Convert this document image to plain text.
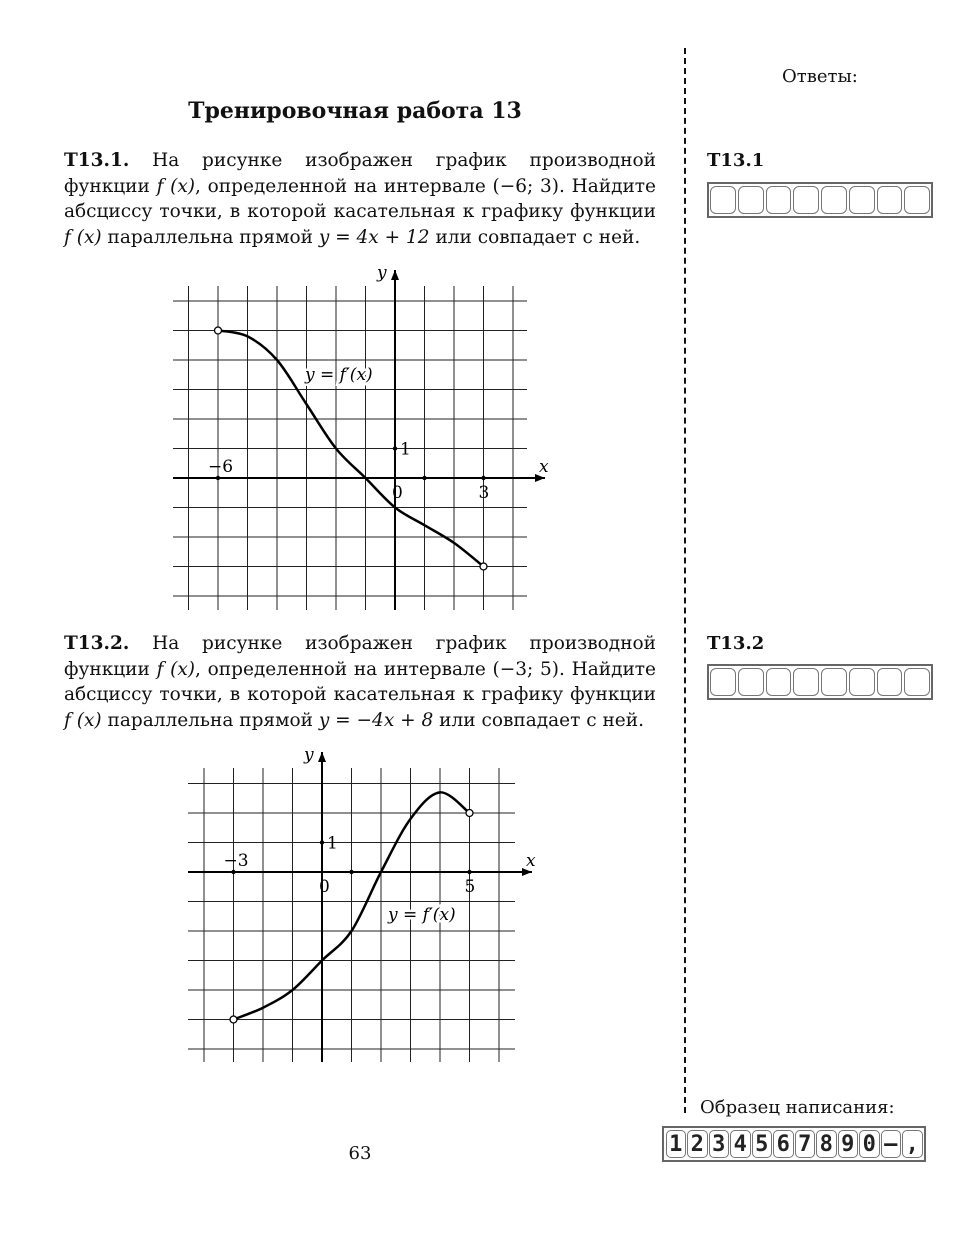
Тренировочная работа 13
T13.1. На рисунке изображен график производной функции f (x), определенной на интервале (−6; 3). Найдите абсциссу точки, в которой касательная к графику функции f (x) параллельна прямой y = 4x + 12 или совпадает с ней.
x
y
−6
0	3
1
y = f′(x)
T13.2. На рисунке изображен график производной функции f (x), определенной на интервале (−3; 5). Найдите абсциссу точки, в которой касательная к графику функции f (x) параллельна прямой y = −4x + 8 или совпадает с ней.
x
y
−3
0	5
1
y = f′(x)
Ответы:
T13.1
T13.2
Образец написания:
1 2 3 4 5 6 7 8 9 0 – ,
63
